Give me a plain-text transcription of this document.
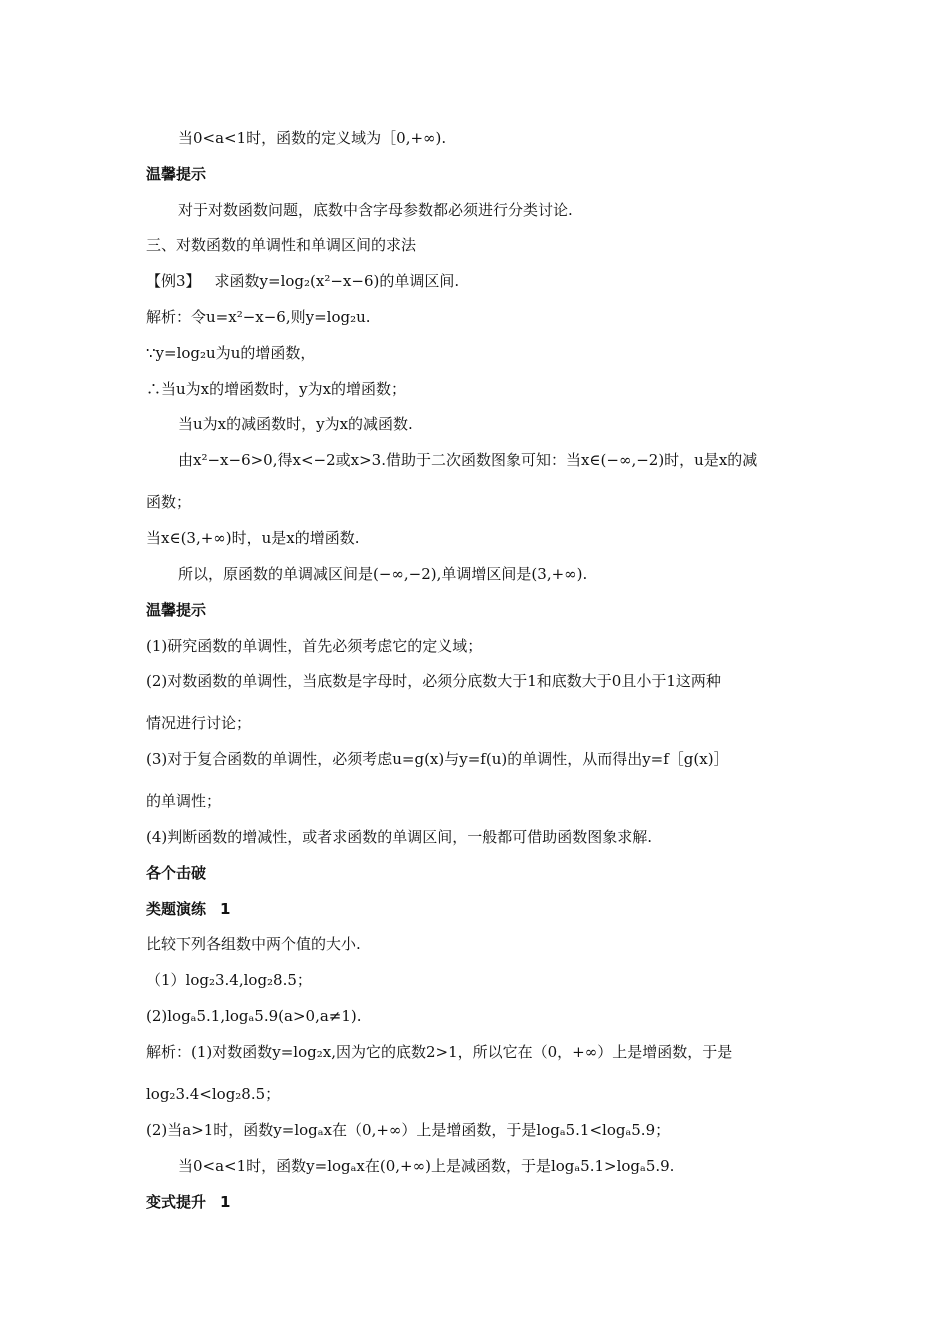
当0<a<1时，函数的定义域为［0,+∞).
温馨提示
对于对数函数问题，底数中含字母参数都必须进行分类讨论.
三、对数函数的单调性和单调区间的求法
【例3】 求函数y=log₂(x²−x−6)的单调区间.
解析：令u=x²−x−6,则y=log₂u.
∵y=log₂u为u的增函数，
∴当u为x的增函数时，y为x的增函数；
当u为x的减函数时，y为x的减函数.
由x²−x−6>0,得x<−2或x>3.借助于二次函数图象可知：当x∈(−∞,−2)时，u是x的减
函数；
当x∈(3,+∞)时，u是x的增函数.
所以，原函数的单调减区间是(−∞,−2),单调增区间是(3,+∞).
温馨提示
(1)研究函数的单调性，首先必须考虑它的定义域；
(2)对数函数的单调性，当底数是字母时，必须分底数大于1和底数大于0且小于1这两种
情况进行讨论；
(3)对于复合函数的单调性，必须考虑u=g(x)与y=f(u)的单调性，从而得出y=f［g(x)］
的单调性；
(4)判断函数的增减性，或者求函数的单调区间，一般都可借助函数图象求解.
各个击破
类题演练 1
比较下列各组数中两个值的大小.
（1）log₂3.4,log₂8.5；
(2)logₐ5.1,logₐ5.9(a>0,a≠1).
解析：(1)对数函数y=log₂x,因为它的底数2>1，所以它在（0，+∞）上是增函数，于是
log₂3.4<log₂8.5；
(2)当a>1时，函数y=logₐx在（0,+∞）上是增函数，于是logₐ5.1<logₐ5.9；
当0<a<1时，函数y=logₐx在(0,+∞)上是减函数，于是logₐ5.1>logₐ5.9.
变式提升 1
